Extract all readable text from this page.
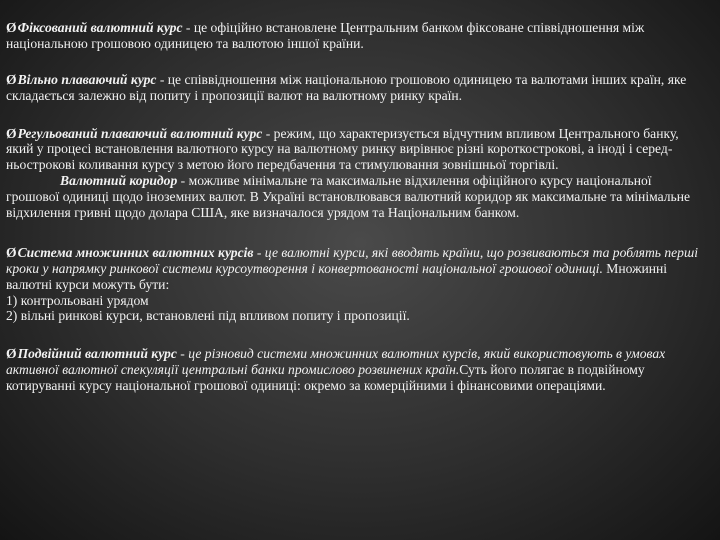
ØФіксований валютний курс - це офіційно встановлене Центральним банком фіксоване співвідношення між національною грошовою одиницею та валютою іншої країни.

ØВільно плаваючий курс - це співвідношення між національною грошовою одиницею та валютами інших країн, яке складається залежно від попиту і пропозиції валют на валютному ринку країн.

ØРегульований плаваючий валютний курс - режим, що характеризується відчутним впливом Центрального банку, який у процесі встановлення валютного курсу на валютному ринку вирівнює різні короткострокові, а іноді і серед-ньострокові коливання курсу з метою його передбачення та стимулювання зовнішньої торгівлі.
Валютний коридор - можливе мінімальне та максимальне відхилення офіційного курсу національної грошової одиниці щодо іноземних валют. В Україні встановлювався валютний коридор як максимальне та мінімальне відхилення гривні щодо долара США, яке визначалося урядом та Національним банком.

ØСистема множинних валютних курсів - це валютні курси, які вводять країни, що розвиваються та роблять перші кроки у напрямку ринкової системи курсоутворення і конвертованості національної грошової одиниці. Множинні валютні курси можуть бути:
1) контрольовані урядом
2) вільні ринкові курси, встановлені під впливом попиту і пропозиції.

ØПодвійний валютний курс - це різновид системи множинних валютних курсів, який використовують в умовах активної валютної спекуляції центральні банки промислово розвинених країн.Суть його полягає в подвійному котируванні курсу національної грошової одиниці: окремо за комерційними і фінансовими операціями.
